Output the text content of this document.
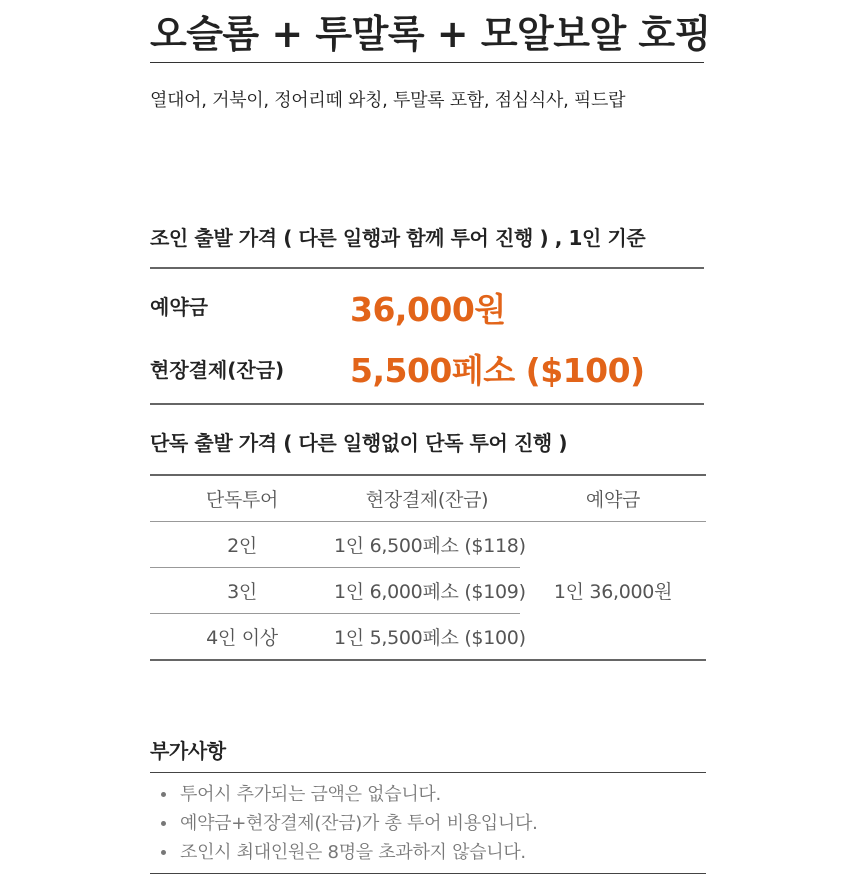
오슬롬 + 투말록 + 모알보알 호핑
열대어, 거북이, 정어리떼 와칭, 투말록 포함, 점심식사, 픽드랍
조인 출발 가격 ( 다른 일행과 함께 투어 진행 ) , 1인 기준
예약금	36,000원
현장결제(잔금) 5,500페소 ($100)
단독 출발 가격 ( 다른 일행없이 단독 투어 진행 )
단독투어	현장결제(잔금)	예약금
2인	1인 6,500페소 ($118)	1인 36,000원
3인	1인 6,000페소 ($109)	
4인 이상	1인 5,500페소 ($100)	
부가사항
투어시 추가되는 금액은 없습니다.
예약금+현장결제(잔금)가 총 투어 비용입니다.
조인시 최대인원은 8명을 초과하지 않습니다.
